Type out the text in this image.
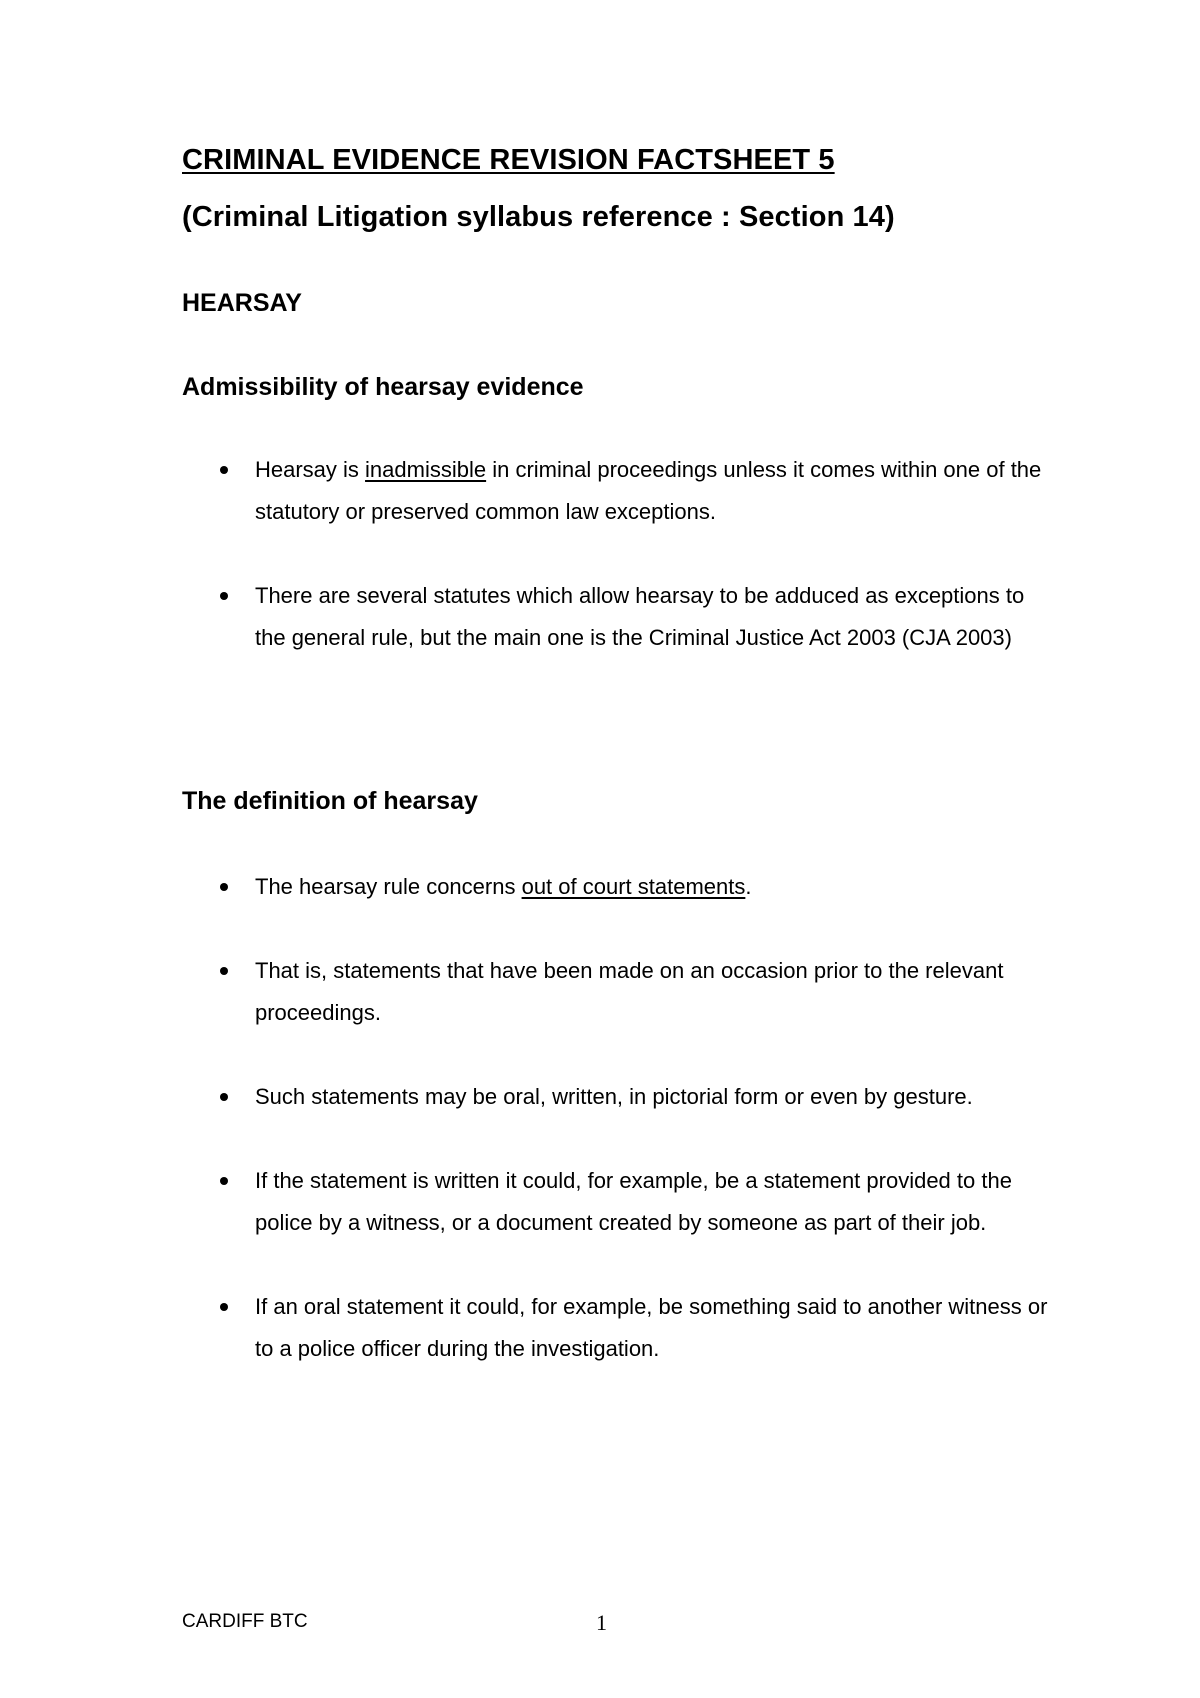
CRIMINAL EVIDENCE REVISION FACTSHEET 5
(Criminal Litigation syllabus reference : Section 14)
HEARSAY
Admissibility of hearsay evidence
Hearsay is inadmissible in criminal proceedings unless it comes within one of the statutory or preserved common law exceptions.
There are several statutes which allow hearsay to be adduced as exceptions to the general rule, but the main one is the Criminal Justice Act 2003 (CJA 2003)
The definition of hearsay
The hearsay rule concerns out of court statements.
That is, statements that have been made on an occasion prior to the relevant proceedings.
Such statements may be oral, written, in pictorial form or even by gesture.
If the statement is written it could, for example, be a statement provided to the police by a witness, or a document created by someone as part of their job.
If an oral statement it could, for example, be something said to another witness or to a police officer during the investigation.
CARDIFF BTC	1
